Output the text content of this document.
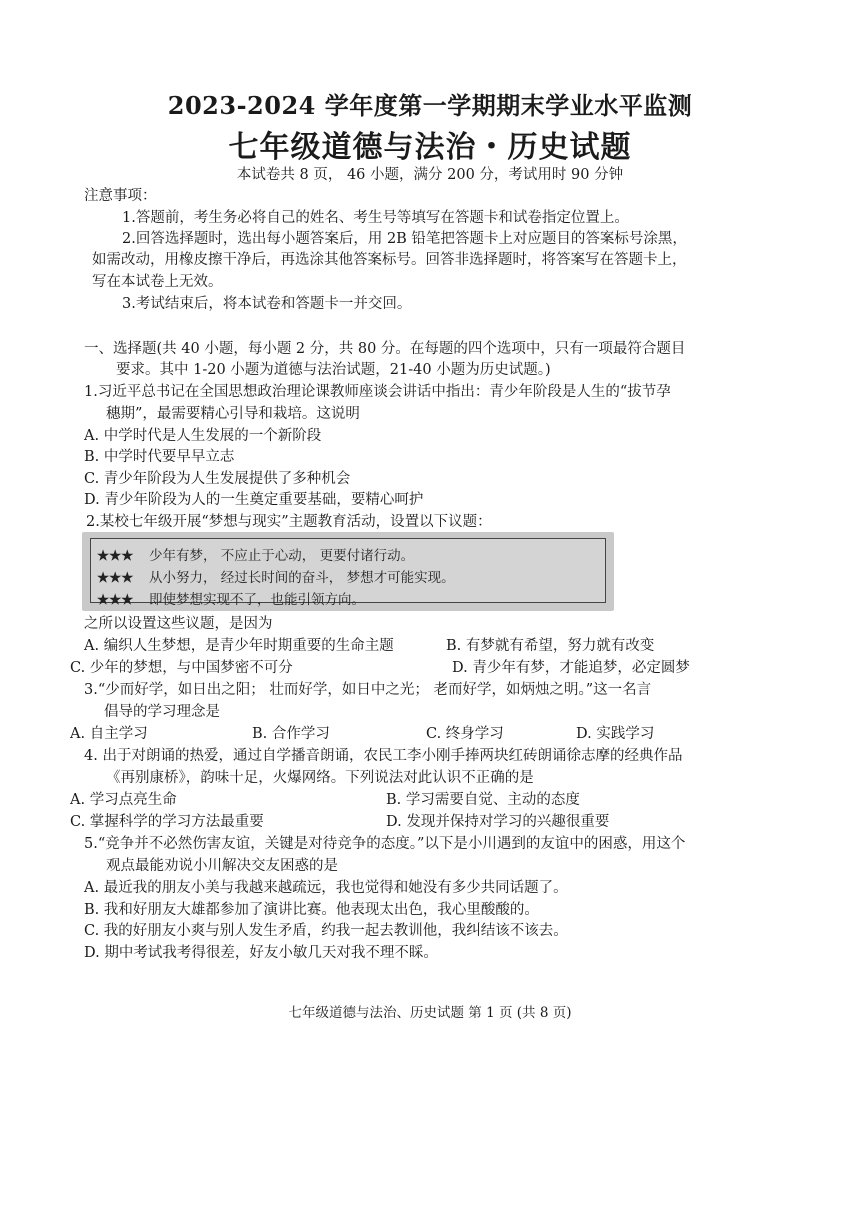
2023-2024 学年度第一学期期末学业水平监测
七年级道德与法治・历史试题
本试卷共 8 页， 46 小题，满分 200 分，考试用时 90 分钟
注意事项：
1.答题前，考生务必将自己的姓名、考生号等填写在答题卡和试卷指定位置上。
2.回答选择题时，选出每小题答案后，用 2B 铅笔把答题卡上对应题目的答案标号涂黑，
如需改动，用橡皮擦干净后，再选涂其他答案标号。回答非选择题时，将答案写在答题卡上，
写在本试卷上无效。
3.考试结束后，将本试卷和答题卡一并交回。
一、选择题(共 40 小题，每小题 2 分，共 80 分。在每题的四个选项中，只有一项最符合题目
要求。其中 1-20 小题为道德与法治试题，21-40 小题为历史试题。)
1.习近平总书记在全国思想政治理论课教师座谈会讲话中指出：青少年阶段是人生的“拔节孕
穗期”，最需要精心引导和栽培。这说明
A. 中学时代是人生发展的一个新阶段
B. 中学时代要早早立志
C. 青少年阶段为人生发展提供了多种机会
D. 青少年阶段为人的一生奠定重要基础，要精心呵护
2.某校七年级开展“梦想与现实”主题教育活动，设置以下议题：
★★★ 少年有梦， 不应止于心动， 更要付诸行动。
★★★ 从小努力， 经过长时间的奋斗， 梦想才可能实现。
★★★ 即使梦想实现不了，也能引领方向。
之所以设置这些议题，是因为
A. 编织人生梦想，是青少年时期重要的生命主题	B. 有梦就有希望，努力就有改变
C. 少年的梦想，与中国梦密不可分	D. 青少年有梦，才能追梦，必定圆梦
3.“少而好学，如日出之阳； 壮而好学，如日中之光； 老而好学，如炳烛之明。”这一名言
倡导的学习理念是
A. 自主学习	B. 合作学习	C. 终身学习	D. 实践学习
4. 出于对朗诵的热爱，通过自学播音朗诵，农民工李小刚手捧两块红砖朗诵徐志摩的经典作品
《再别康桥》，韵味十足，火爆网络。下列说法对此认识不正确的是
A. 学习点亮生命	B. 学习需要自觉、主动的态度
C. 掌握科学的学习方法最重要	D. 发现并保持对学习的兴趣很重要
5.“竞争并不必然伤害友谊，关键是对待竞争的态度。”以下是小川遇到的友谊中的困惑，用这个
观点最能劝说小川解决交友困惑的是
A. 最近我的朋友小美与我越来越疏远，我也觉得和她没有多少共同话题了。
B. 我和好朋友大雄都参加了演讲比赛。他表现太出色，我心里酸酸的。
C. 我的好朋友小爽与别人发生矛盾，约我一起去教训他，我纠结该不该去。
D. 期中考试我考得很差，好友小敏几天对我不理不睬。
七年级道德与法治、历史试题 第 1 页 (共 8 页)
